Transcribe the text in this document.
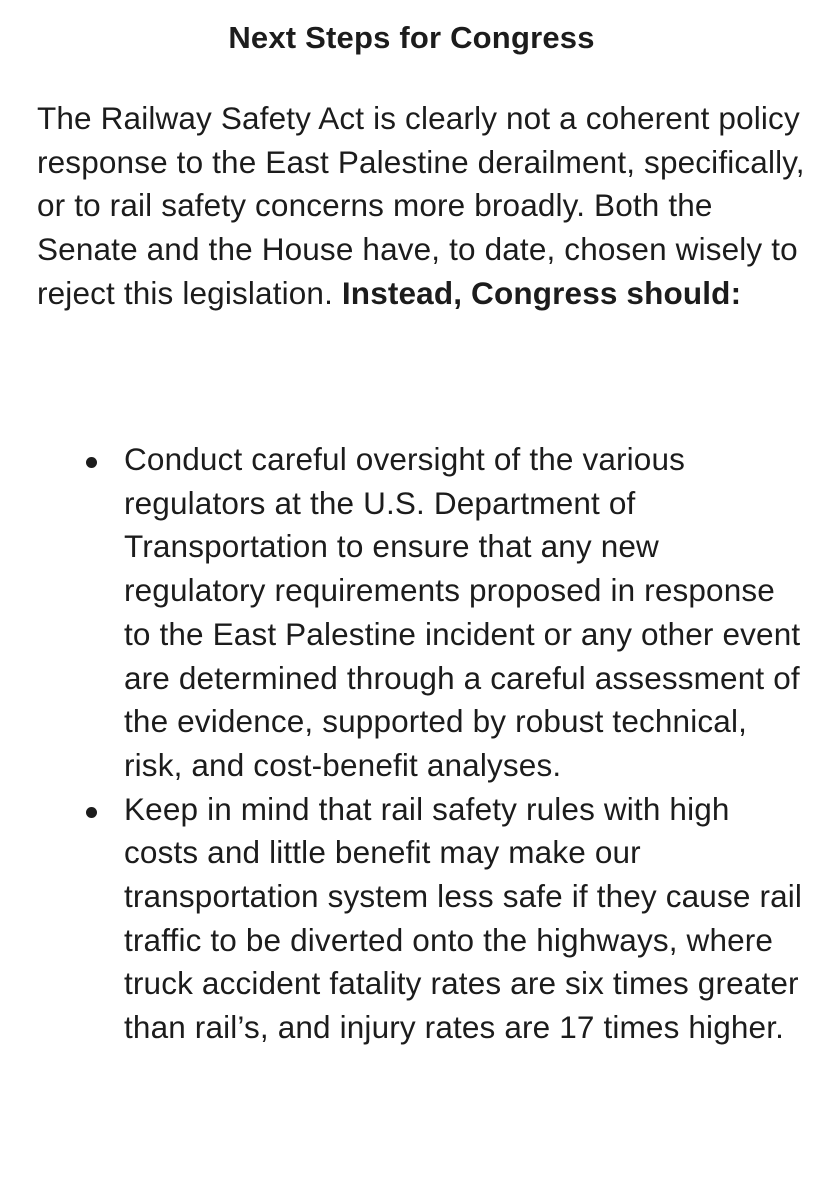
Next Steps for Congress

The Railway Safety Act is clearly not a coherent policy response to the East Palestine derailment, specifically, or to rail safety concerns more broadly. Both the Senate and the House have, to date, chosen wisely to reject this legislation. Instead, Congress should:

Conduct careful oversight of the various regulators at the U.S. Department of Transportation to ensure that any new regulatory requirements proposed in response to the East Palestine incident or any other event are determined through a careful assessment of the evidence, supported by robust technical, risk, and cost-benefit analyses.
Keep in mind that rail safety rules with high costs and little benefit may make our transportation system less safe if they cause rail traffic to be diverted onto the highways, where truck accident fatality rates are six times greater than rail’s, and injury rates are 17 times higher.
